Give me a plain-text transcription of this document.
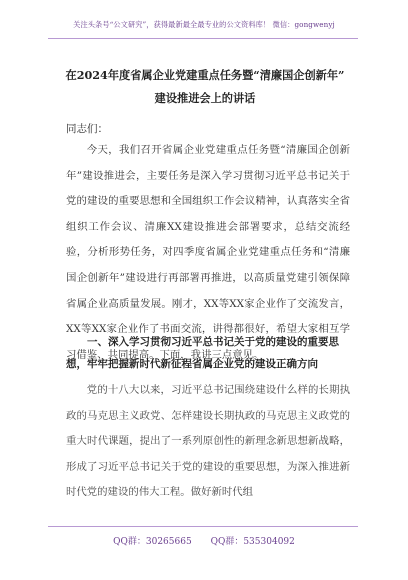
关注头条号“公文研究”，获得最新最全最专业的公文资料库！ 微信：gongwenyj
在2024年度省属企业党建重点任务暨“清廉国企创新年”
建设推进会上的讲话
同志们：
今天，我们召开省属企业党建重点任务暨“清廉国企创新年”建设推进会，主要任务是深入学习贯彻习近平总书记关于党的建设的重要思想和全国组织工作会议精神，认真落实全省组织工作会议、清廉XX建设推进会部署要求，总结交流经验，分析形势任务，对四季度省属企业党建重点任务和“清廉国企创新年”建设进行再部署再推进，以高质量党建引领保障省属企业高质量发展。刚才，XX等XX家企业作了交流发言，XX等XX家企业作了书面交流，讲得都很好，希望大家相互学习借鉴、共同提高。下面，我讲三点意见。
一、深入学习贯彻习近平总书记关于党的建设的重要思想，牢牢把握新时代新征程省属企业党的建设正确方向
党的十八大以来，习近平总书记围绕建设什么样的长期执政的马克思主义政党、怎样建设长期执政的马克思主义政党的重大时代课题，提出了一系列原创性的新理念新思想新战略，形成了习近平总书记关于党的建设的重要思想，为深入推进新时代党的建设的伟大工程。做好新时代组
QQ群：30265665 QQ群：535304092
